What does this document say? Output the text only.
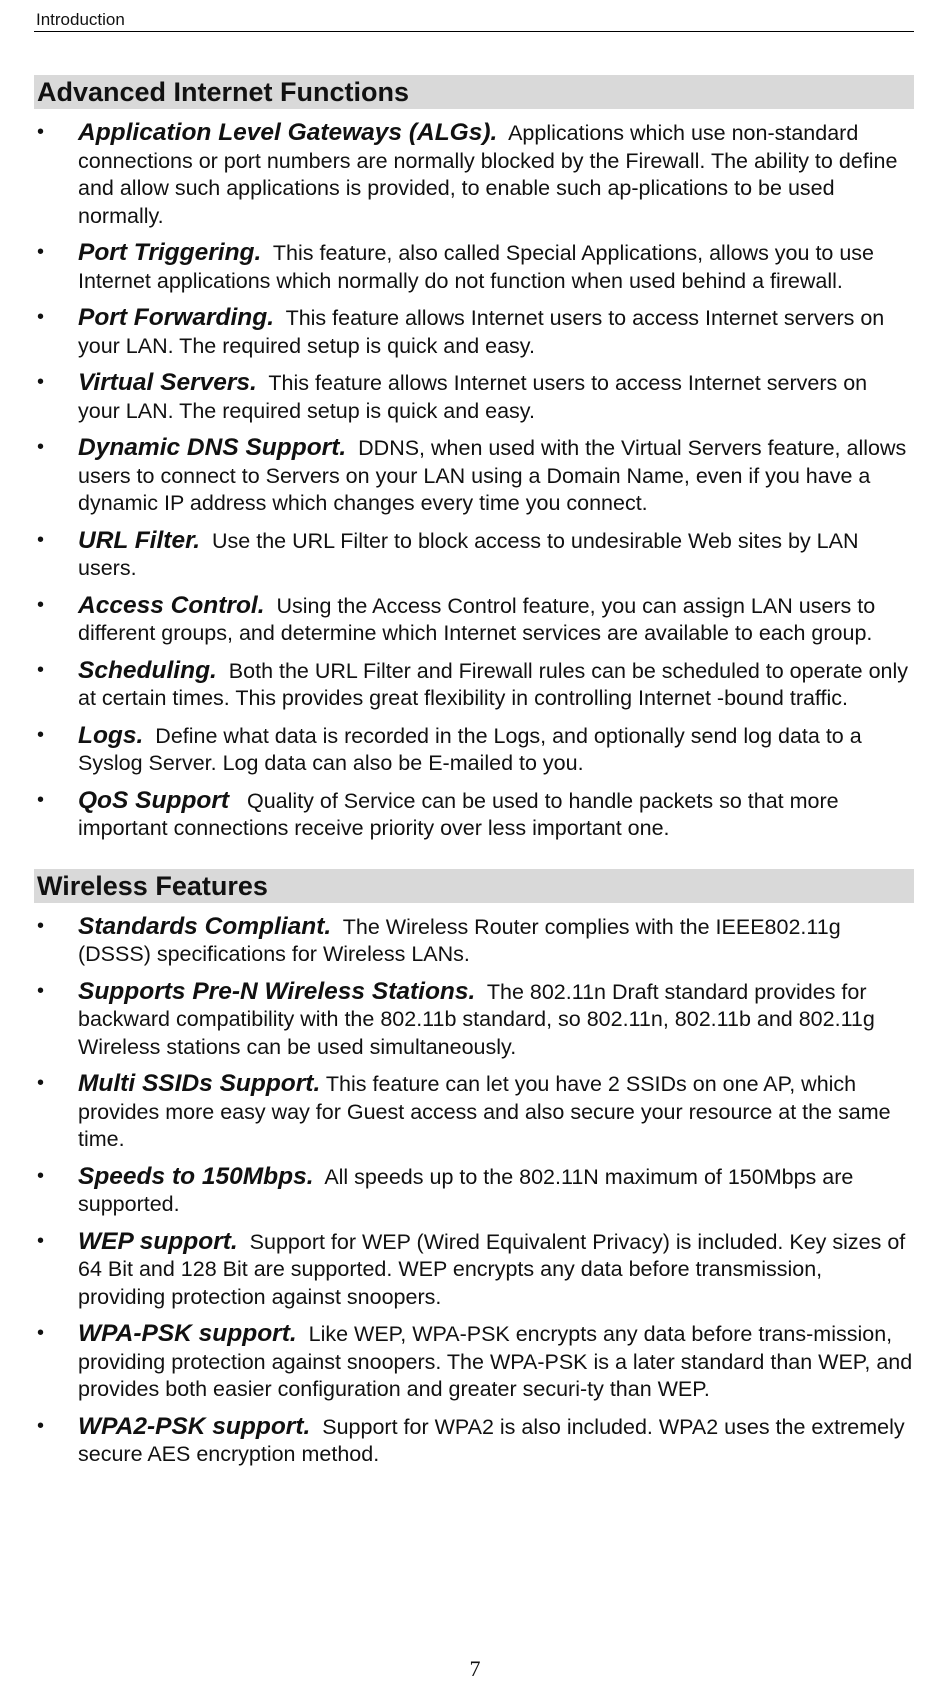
Introduction
Advanced Internet Functions
• Application Level Gateways (ALGs). Applications which use non-standard connections or port numbers are normally blocked by the Firewall. The ability to define and allow such applications is provided, to enable such ap-plications to be used normally.
• Port Triggering. This feature, also called Special Applications, allows you to use Internet applications which normally do not function when used behind a firewall.
• Port Forwarding. This feature allows Internet users to access Internet servers on your LAN. The required setup is quick and easy.
• Virtual Servers. This feature allows Internet users to access Internet servers on your LAN. The required setup is quick and easy.
• Dynamic DNS Support. DDNS, when used with the Virtual Servers feature, allows users to connect to Servers on your LAN using a Domain Name, even if you have a dynamic IP address which changes every time you connect.
• URL Filter. Use the URL Filter to block access to undesirable Web sites by LAN users.
• Access Control. Using the Access Control feature, you can assign LAN users to different groups, and determine which Internet services are available to each group.
• Scheduling. Both the URL Filter and Firewall rules can be scheduled to operate only at certain times. This provides great flexibility in controlling Internet -bound traffic.
• Logs. Define what data is recorded in the Logs, and optionally send log data to a Syslog Server. Log data can also be E-mailed to you.
• QoS Support Quality of Service can be used to handle packets so that more important connections receive priority over less important one.
Wireless Features
• Standards Compliant. The Wireless Router complies with the IEEE802.11g (DSSS) specifications for Wireless LANs.
• Supports Pre-N Wireless Stations. The 802.11n Draft standard provides for backward compatibility with the 802.11b standard, so 802.11n, 802.11b and 802.11g Wireless stations can be used simultaneously.
• Multi SSIDs Support. This feature can let you have 2 SSIDs on one AP, which provides more easy way for Guest access and also secure your resource at the same time.
• Speeds to 150Mbps. All speeds up to the 802.11N maximum of 150Mbps are supported.
• WEP support. Support for WEP (Wired Equivalent Privacy) is included. Key sizes of 64 Bit and 128 Bit are supported. WEP encrypts any data before transmission, providing protection against snoopers.
• WPA-PSK support. Like WEP, WPA-PSK encrypts any data before trans-mission, providing protection against snoopers. The WPA-PSK is a later standard than WEP, and provides both easier configuration and greater securi-ty than WEP.
• WPA2-PSK support. Support for WPA2 is also included. WPA2 uses the extremely secure AES encryption method.
7
